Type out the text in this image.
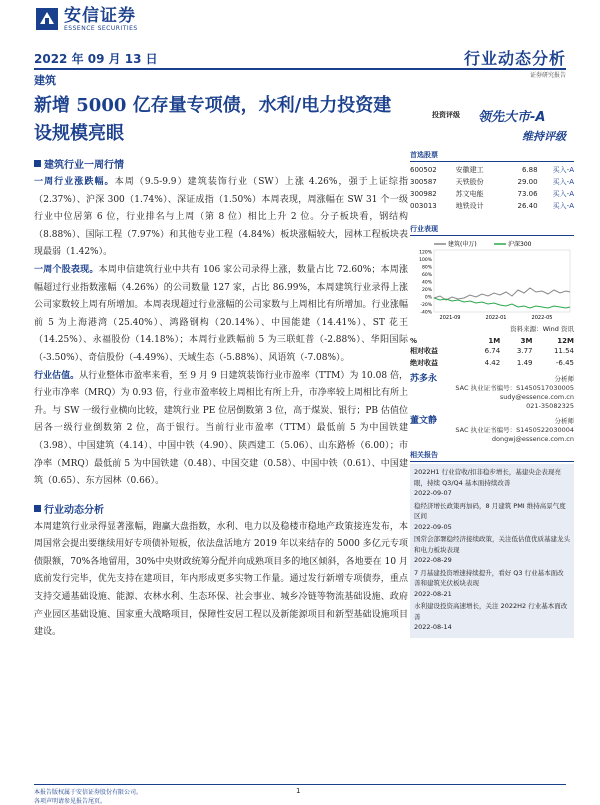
安信证券
ESSENCE SECURITIES
2022 年 09 月 13 日	行业动态分析
证券研究报告
建筑
新增 5000 亿存量专项债，水利/电力投资建设规模亮眼
投资评级 领先大市-A
维持评级
建筑行业一周行情

一周行业涨跌幅。本周（9.5-9.9）建筑装饰行业（SW）上涨 4.26%，强于上证综指（2.37%）、沪深 300（1.74%）、深证成指（1.50%）本周表现，周涨幅在 SW 31 个一级行业中位居第 6 位，行业排名与上周（第 8 位）相比上升 2 位。分子板块看，钢结构（8.88%）、国际工程（7.97%）和其他专业工程（4.84%）板块涨幅较大，园林工程板块表现最弱（1.42%）。

一周个股表现。本周申信建筑行业中共有 106 家公司录得上涨，数量占比 72.60%；本周涨幅超过行业指数涨幅（4.26%）的公司数量 127 家，占比 86.99%，本周建筑行业录得上涨公司家数较上周有所增加。本周表现超过行业涨幅的公司家数与上周相比有所增加。行业涨幅前 5 为上海港湾（25.40%）、鸿路钢构（20.14%）、中国能建（14.41%）、ST 花王（14.25%）、永福股份（14.18%）；本周行业跌幅前 5 为三联虹普（-2.88%）、华阳国际（-3.50%）、奇信股份（-4.49%）、天域生态（-5.88%）、风语筑（-7.08%）。

行业估值。从行业整体市盈率来看，至 9 月 9 日建筑装饰行业市盈率（TTM）为 10.08 倍，行业市净率（MRQ）为 0.93 倍，行业市盈率较上周相比有所上升，市净率较上周相比有所上升。与 SW 一级行业横向比较，建筑行业 PE 位居倒数第 3 位，高于煤炭、银行；PB 估值位居各一级行业倒数第 2 位，高于银行。当前行业市盈率（TTM）最低前 5 为中国铁建（3.98）、中国建筑（4.14）、中国中铁（4.90）、陕西建工（5.06）、山东路桥（6.00）；市净率（MRQ）最低前 5 为中国铁建（0.48）、中国交建（0.58）、中国中铁（0.61）、中国建筑（0.65）、东方园林（0.66）。

行业动态分析

本周建筑行业录得显著涨幅，跑赢大盘指数，水利、电力以及稳楼市稳地产政策接连发布，本周国常会提出要继续用好专项债补短板，依法盘活地方 2019 年以来结存的 5000 多亿元专项债限额，70%各地留用，30%中央财政统筹分配并向成熟项目多的地区倾斜，各地要在 10 月底前发行完毕，优先支持在建项目，年内形成更多实物工作量。通过发行新增专项债券，重点支持交通基础设施、能源、农林水利、生态环保、社会事业、城乡冷链等物流基础设施、政府产业园区基础设施、国家重大战略项目，保障性安居工程以及新能源项目和新型基础设施项目建设。

首选股票
600502	安徽建工	6.88	买入-A
300587	天铁股份	29.00	买入-A
300982	苏文电能	73.06	买入-A
003013	地铁设计	26.40	买入-A
行业表现
建筑(申万)	沪深300
120%
100%
80%
60%
40%
20%
0%
-20%
-40%
2021-09	2022-01	2022-05
资料来源：Wind 资讯
%	1M	3M	12M
相对收益	6.74	3.77	11.54
绝对收益	4.42	1.49	-6.45
苏多永	分析师
SAC 执业证书编号：S1450517030005
sudy@essence.com.cn
021-35082325
董文静	分析师
SAC 执业证书编号：S1450522030004
dongwj@essence.com.cn
相关报告
2022H1 行业营收/扣非稳步增长，基建央企表现亮眼，持续 Q3/Q4 基本面持续改善
2022-09-07
稳经济增长政策再加码，8 月建筑 PMI 维持高景气度区间
2022-09-05
国常会部署稳经济接续政策，关注低估值优质基建龙头和电力板块表现
2022-08-29
7 月基建投资增速持续提升，看好 Q3 行业基本面改善和建筑光伏板块表现
2022-08-21
水利建设投资高速增长，关注 2022H2 行业基本面改善
2022-08-14
本报告版权属于安信证券股份有限公司。
各项声明请参见报告尾页。
1
